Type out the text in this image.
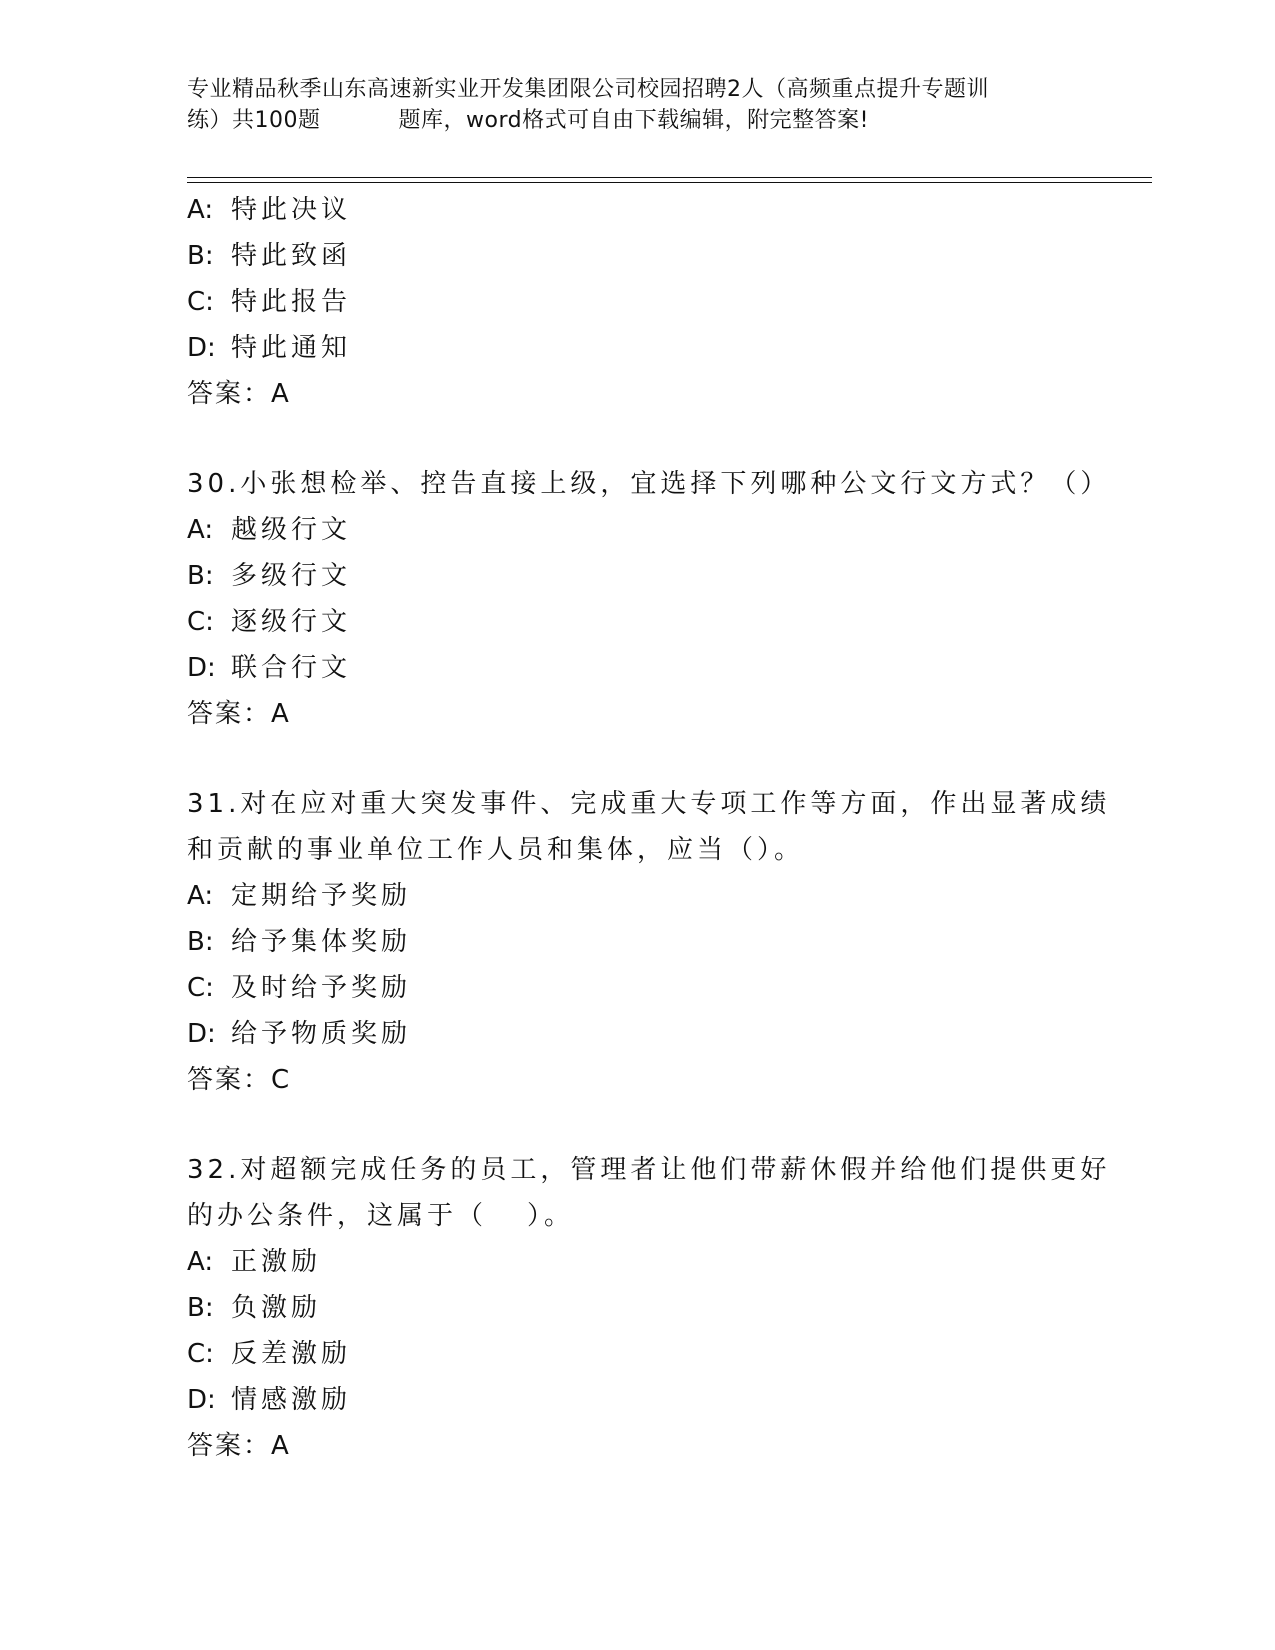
专业精品秋季山东高速新实业开发集团限公司校园招聘2人（高频重点提升专题训
练）共100题	题库，word格式可自由下载编辑，附完整答案!
A: 特此决议
B: 特此致函
C: 特此报告
D: 特此通知
答案：A
30.小张想检举、控告直接上级，宜选择下列哪种公文行文方式？（）
A: 越级行文
B: 多级行文
C: 逐级行文
D: 联合行文
答案：A
31.对在应对重大突发事件、完成重大专项工作等方面，作出显著成绩
和贡献的事业单位工作人员和集体，应当（）。
A: 定期给予奖励
B: 给予集体奖励
C: 及时给予奖励
D: 给予物质奖励
答案：C
32.对超额完成任务的员工，管理者让他们带薪休假并给他们提供更好
的办公条件，这属于（ ）。
A: 正激励
B: 负激励
C: 反差激励
D: 情感激励
答案：A
